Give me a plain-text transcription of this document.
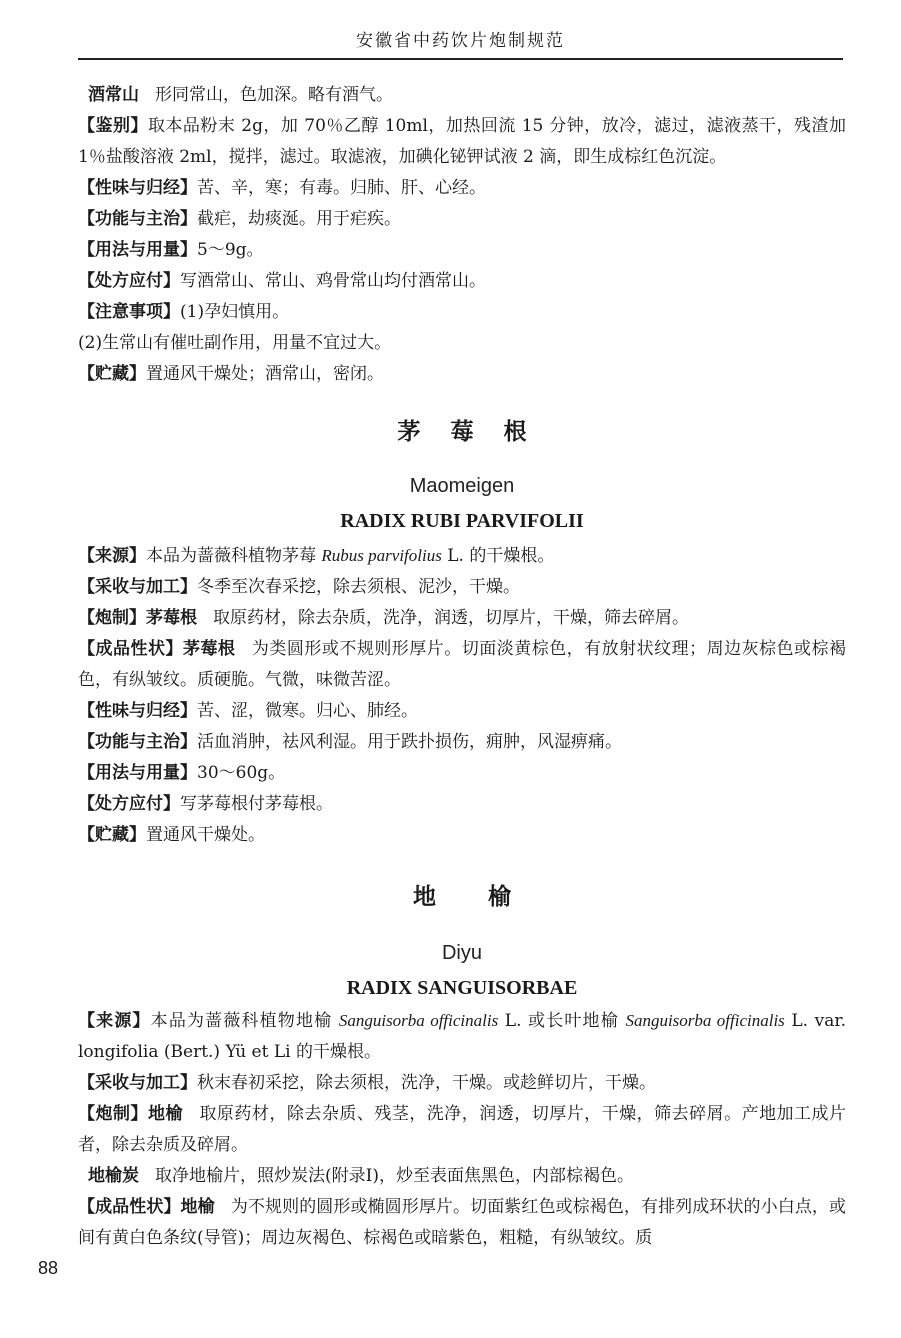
安徽省中药饮片炮制规范

酒常山 形同常山，色加深。略有酒气。

【鉴别】取本品粉末 2g，加 70％乙醇 10ml，加热回流 15 分钟，放冷，滤过，滤液蒸干，残渣加 1％盐酸溶液 2ml，搅拌，滤过。取滤液，加碘化铋钾试液 2 滴，即生成棕红色沉淀。

【性味与归经】苦、辛，寒；有毒。归肺、肝、心经。

【功能与主治】截疟，劫痰涎。用于疟疾。

【用法与用量】5～9g。

【处方应付】写酒常山、常山、鸡骨常山均付酒常山。

【注意事项】(1)孕妇慎用。

(2)生常山有催吐副作用，用量不宜过大。

【贮藏】置通风干燥处；酒常山，密闭。

茅 莓 根
Maomeigen
RADIX RUBI PARVIFOLII

【来源】本品为蔷薇科植物茅莓 Rubus parvifolius L. 的干燥根。

【采收与加工】冬季至次春采挖，除去须根、泥沙，干燥。

【炮制】茅莓根 取原药材，除去杂质，洗净，润透，切厚片，干燥，筛去碎屑。

【成品性状】茅莓根 为类圆形或不规则形厚片。切面淡黄棕色，有放射状纹理；周边灰棕色或棕褐色，有纵皱纹。质硬脆。气微，味微苦涩。

【性味与归经】苦、涩，微寒。归心、肺经。

【功能与主治】活血消肿，祛风利湿。用于跌扑损伤，痈肿，风湿痹痛。

【用法与用量】30～60g。

【处方应付】写茅莓根付茅莓根。

【贮藏】置通风干燥处。

地 榆
Diyu
RADIX SANGUISORBAE

【来源】本品为蔷薇科植物地榆 Sanguisorba officinalis L. 或长叶地榆 Sanguisorba officinalis L. var. longifolia (Bert.) Yü et Li 的干燥根。

【采收与加工】秋末春初采挖，除去须根，洗净，干燥。或趁鲜切片，干燥。

【炮制】地榆 取原药材，除去杂质、残茎，洗净，润透，切厚片，干燥，筛去碎屑。产地加工成片者，除去杂质及碎屑。

地榆炭 取净地榆片，照炒炭法(附录Ⅰ)，炒至表面焦黑色，内部棕褐色。

【成品性状】地榆 为不规则的圆形或椭圆形厚片。切面紫红色或棕褐色，有排列成环状的小白点，或间有黄白色条纹(导管)；周边灰褐色、棕褐色或暗紫色，粗糙，有纵皱纹。质

88
